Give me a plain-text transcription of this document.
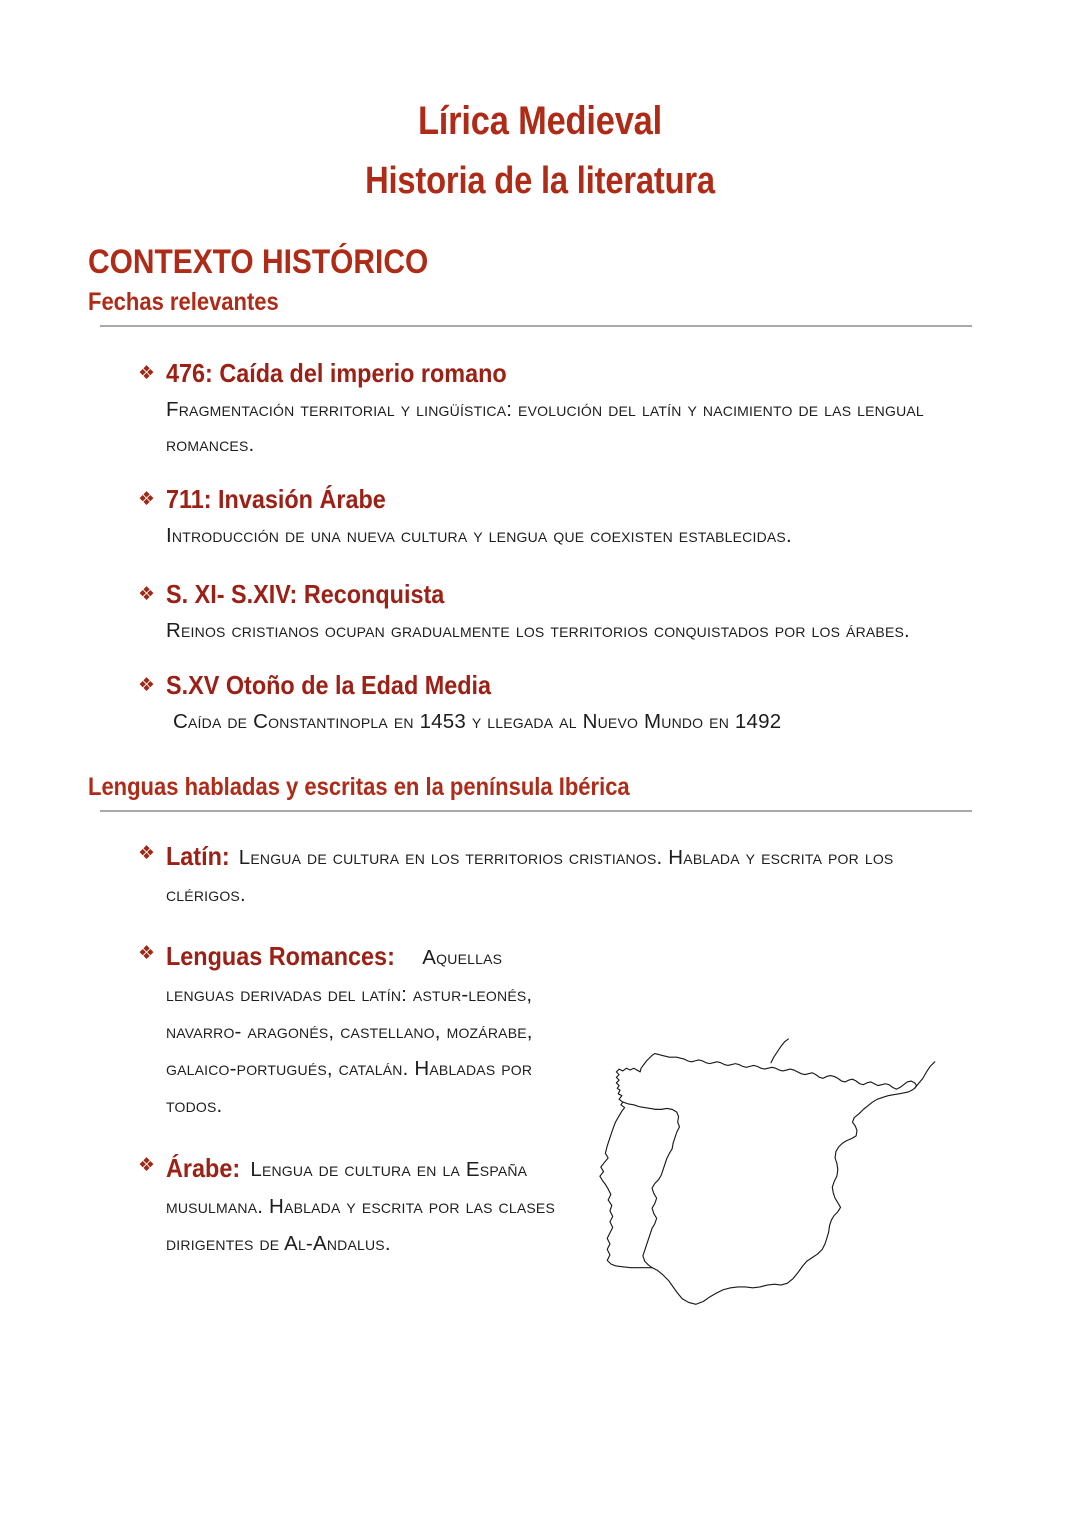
Lírica Medieval
Historia de la literatura
CONTEXTO HISTÓRICO
Fechas relevantes
❖ 476: Caída del imperio romano

Fragmentación territorial y lingüística: evolución del latín y nacimiento de las lengual romances.

❖ 711: Invasión Árabe

Introducción de una nueva cultura y lengua que coexisten establecidas.

❖ S. XI- S.XIV: Reconquista

Reinos cristianos ocupan gradualmente los territorios conquistados por los árabes.

❖ S.XV Otoño de la Edad Media

Caída de Constantinopla en 1453 y llegada al Nuevo Mundo en 1492

Lenguas habladas y escritas en la península Ibérica
❖ Latín: Lengua de cultura en los territorios cristianos. Hablada y escrita por los clérigos.

❖ Lenguas Romances: Aquellas lenguas derivadas del latín: astur-leonés, navarro- aragonés, castellano, mozárabe, galaico-portugués, catalán. Habladas por todos.

❖ Árabe: Lengua de cultura en la España musulmana. Hablada y escrita por las clases dirigentes de Al-Andalus.
